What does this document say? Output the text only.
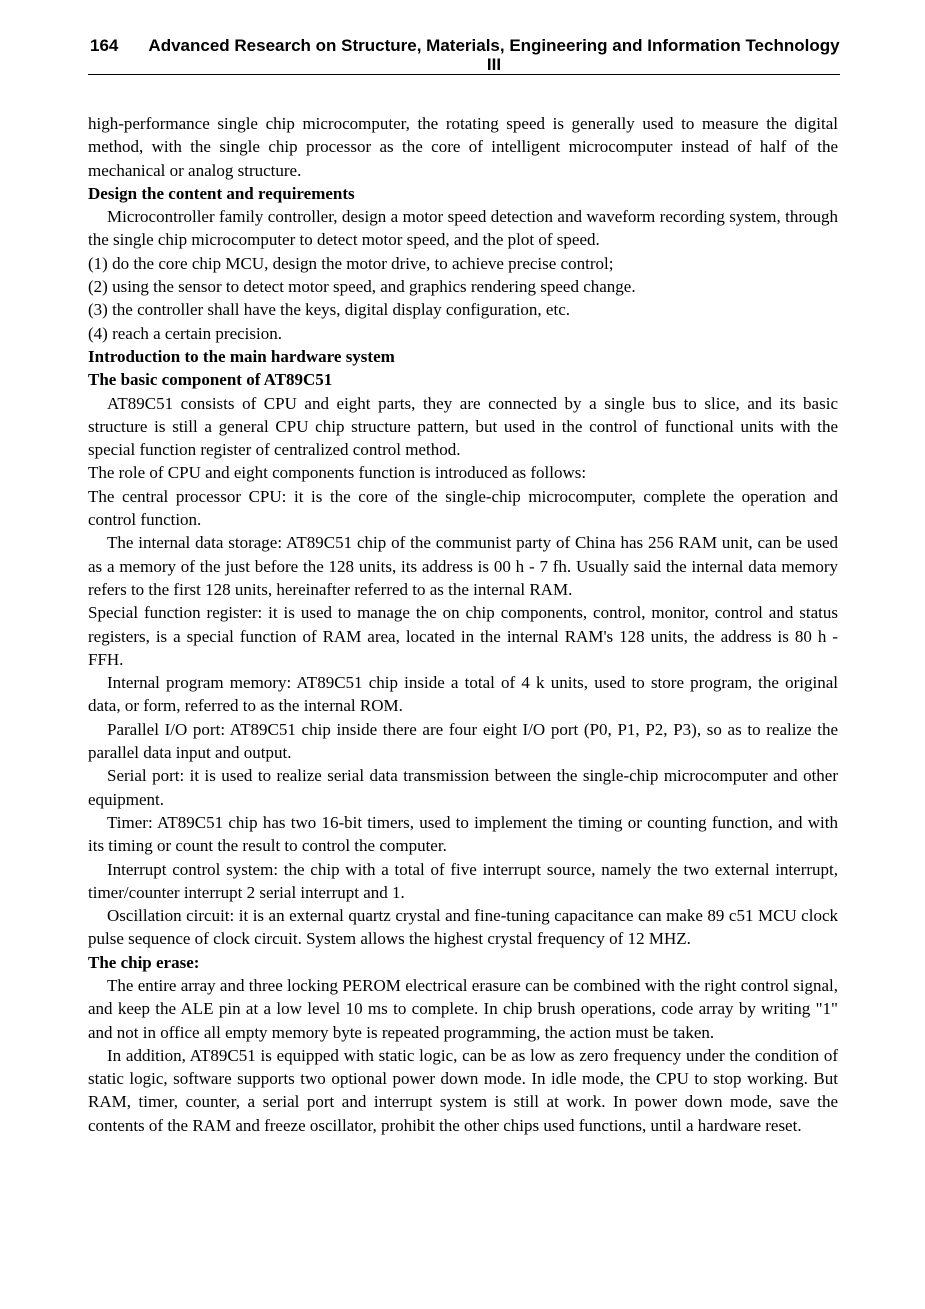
164	Advanced Research on Structure, Materials, Engineering and Information Technology III

high-performance single chip microcomputer, the rotating speed is generally used to measure the digital method, with the single chip processor as the core of intelligent microcomputer instead of half of the mechanical or analog structure.

Design the content and requirements

Microcontroller family controller, design a motor speed detection and waveform recording system, through the single chip microcomputer to detect motor speed, and the plot of speed.

(1) do the core chip MCU, design the motor drive, to achieve precise control;

(2) using the sensor to detect motor speed, and graphics rendering speed change.

(3) the controller shall have the keys, digital display configuration, etc.

(4) reach a certain precision.

Introduction to the main hardware system

The basic component of AT89C51

AT89C51 consists of CPU and eight parts, they are connected by a single bus to slice, and its basic structure is still a general CPU chip structure pattern, but used in the control of functional units with the special function register of centralized control method.

The role of CPU and eight components function is introduced as follows:

The central processor CPU: it is the core of the single-chip microcomputer, complete the operation and control function.

The internal data storage: AT89C51 chip of the communist party of China has 256 RAM unit, can be used as a memory of the just before the 128 units, its address is 00 h - 7 fh. Usually said the internal data memory refers to the first 128 units, hereinafter referred to as the internal RAM.

Special function register: it is used to manage the on chip components, control, monitor, control and status registers, is a special function of RAM area, located in the internal RAM's 128 units, the address is 80 h - FFH.

Internal program memory: AT89C51 chip inside a total of 4 k units, used to store program, the original data, or form, referred to as the internal ROM.

Parallel I/O port: AT89C51 chip inside there are four eight I/O port (P0, P1, P2, P3), so as to realize the parallel data input and output.

Serial port: it is used to realize serial data transmission between the single-chip microcomputer and other equipment.

Timer: AT89C51 chip has two 16-bit timers, used to implement the timing or counting function, and with its timing or count the result to control the computer.

Interrupt control system: the chip with a total of five interrupt source, namely the two external interrupt, timer/counter interrupt 2 serial interrupt and 1.

Oscillation circuit: it is an external quartz crystal and fine-tuning capacitance can make 89 c51 MCU clock pulse sequence of clock circuit. System allows the highest crystal frequency of 12 MHZ.

The chip erase:

The entire array and three locking PEROM electrical erasure can be combined with the right control signal, and keep the ALE pin at a low level 10 ms to complete. In chip brush operations, code array by writing "1" and not in office all empty memory byte is repeated programming, the action must be taken.

In addition, AT89C51 is equipped with static logic, can be as low as zero frequency under the condition of static logic, software supports two optional power down mode. In idle mode, the CPU to stop working. But RAM, timer, counter, a serial port and interrupt system is still at work. In power down mode, save the contents of the RAM and freeze oscillator, prohibit the other chips used functions, until a hardware reset.
